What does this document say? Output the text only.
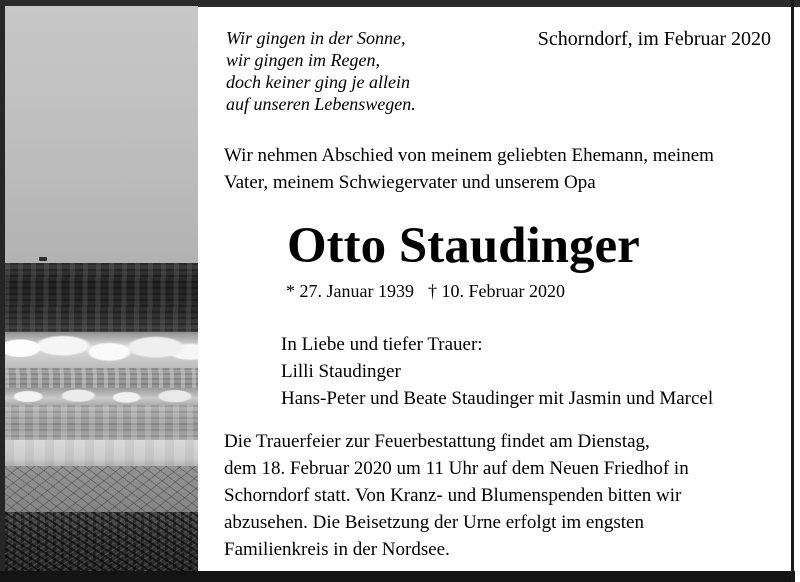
Wir gingen in der Sonne,
wir gingen im Regen,
doch keiner ging je allein
auf unseren Lebenswegen.
Schorndorf, im Februar 2020
Wir nehmen Abschied von meinem geliebten Ehemann, meinem
Vater, meinem Schwiegervater und unserem Opa
Otto Staudinger
* 27. Januar 1939 † 10. Februar 2020
In Liebe und tiefer Trauer:
Lilli Staudinger
Hans-Peter und Beate Staudinger mit Jasmin und Marcel
Die Trauerfeier zur Feuerbestattung findet am Dienstag,
dem 18. Februar 2020 um 11 Uhr auf dem Neuen Friedhof in
Schorndorf statt. Von Kranz- und Blumenspenden bitten wir
abzusehen. Die Beisetzung der Urne erfolgt im engsten
Familienkreis in der Nordsee.
